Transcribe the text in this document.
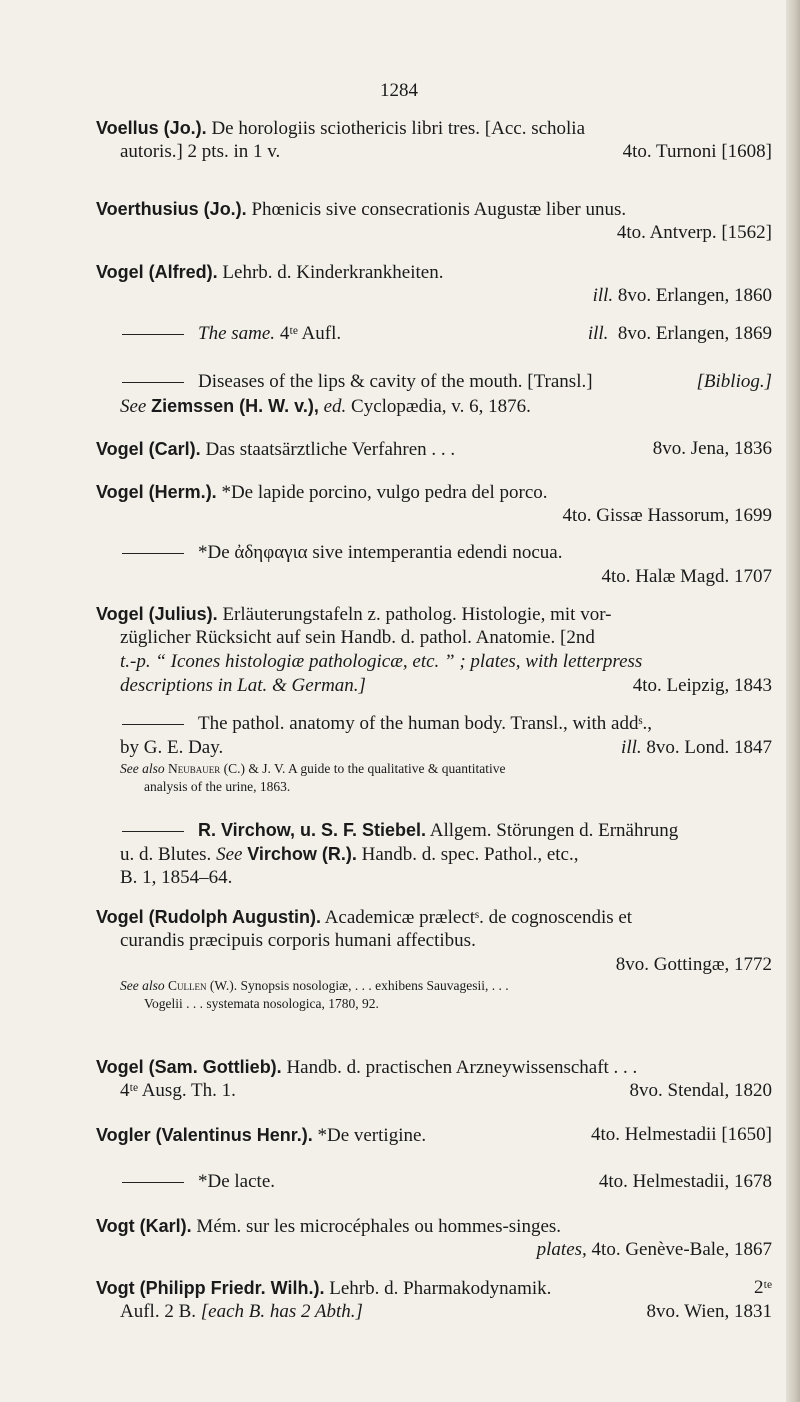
1284
Voellus (Jo.). De horologiis sciothericis libri tres. [Acc. scholia
autoris.] 2 pts. in 1 v.	4to. Turnoni [1608]
Voerthusius (Jo.). Phœnicis sive consecrationis Augustæ liber unus.
4to. Antverp. [1562]
Vogel (Alfred). Lehrb. d. Kinderkrankheiten.
ill. 8vo. Erlangen, 1860
The same. 4ᵗᵉ Aufl.	ill. 8vo. Erlangen, 1869
Diseases of the lips & cavity of the mouth. [Transl.]	[Bibliog.]
See Ziemssen (H. W. v.), ed. Cyclopædia, v. 6, 1876.
Vogel (Carl). Das staatsärztliche Verfahren . . .	8vo. Jena, 1836
Vogel (Herm.). *De lapide porcino, vulgo pedra del porco.
4to. Gissæ Hassorum, 1699
*De ἀδηφαγια sive intemperantia edendi nocua.
4to. Halæ Magd. 1707
Vogel (Julius). Erläuterungstafeln z. patholog. Histologie, mit vor-
züglicher Rücksicht auf sein Handb. d. pathol. Anatomie. [2nd
t.-p. “ Icones histologiæ pathologicæ, etc. ” ; plates, with letterpress
descriptions in Lat. & German.]	4to. Leipzig, 1843
The pathol. anatomy of the human body. Transl., with addˢ.,
by G. E. Day.	ill. 8vo. Lond. 1847
See also Neubauer (C.) & J. V. A guide to the qualitative & quantitative
analysis of the urine, 1863.
R. Virchow, u. S. F. Stiebel. Allgem. Störungen d. Ernährung
u. d. Blutes. See Virchow (R.). Handb. d. spec. Pathol., etc.,
B. 1, 1854–64.
Vogel (Rudolph Augustin). Academicæ prælectˢ. de cognoscendis et
curandis præcipuis corporis humani affectibus.
8vo. Gottingæ, 1772
See also Cullen (W.). Synopsis nosologiæ, . . . exhibens Sauvagesii, . . .
Vogelii . . . systemata nosologica, 1780, 92.
Vogel (Sam. Gottlieb). Handb. d. practischen Arzneywissenschaft . . .
4ᵗᵉ Ausg. Th. 1.	8vo. Stendal, 1820
Vogler (Valentinus Henr.). *De vertigine.	4to. Helmestadii [1650]
*De lacte.	4to. Helmestadii, 1678
Vogt (Karl). Mém. sur les microcéphales ou hommes-singes.
plates, 4to. Genève-Bale, 1867
Vogt (Philipp Friedr. Wilh.). Lehrb. d. Pharmakodynamik.	2ᵗᵉ
Aufl. 2 B. [each B. has 2 Abth.]	8vo. Wien, 1831
